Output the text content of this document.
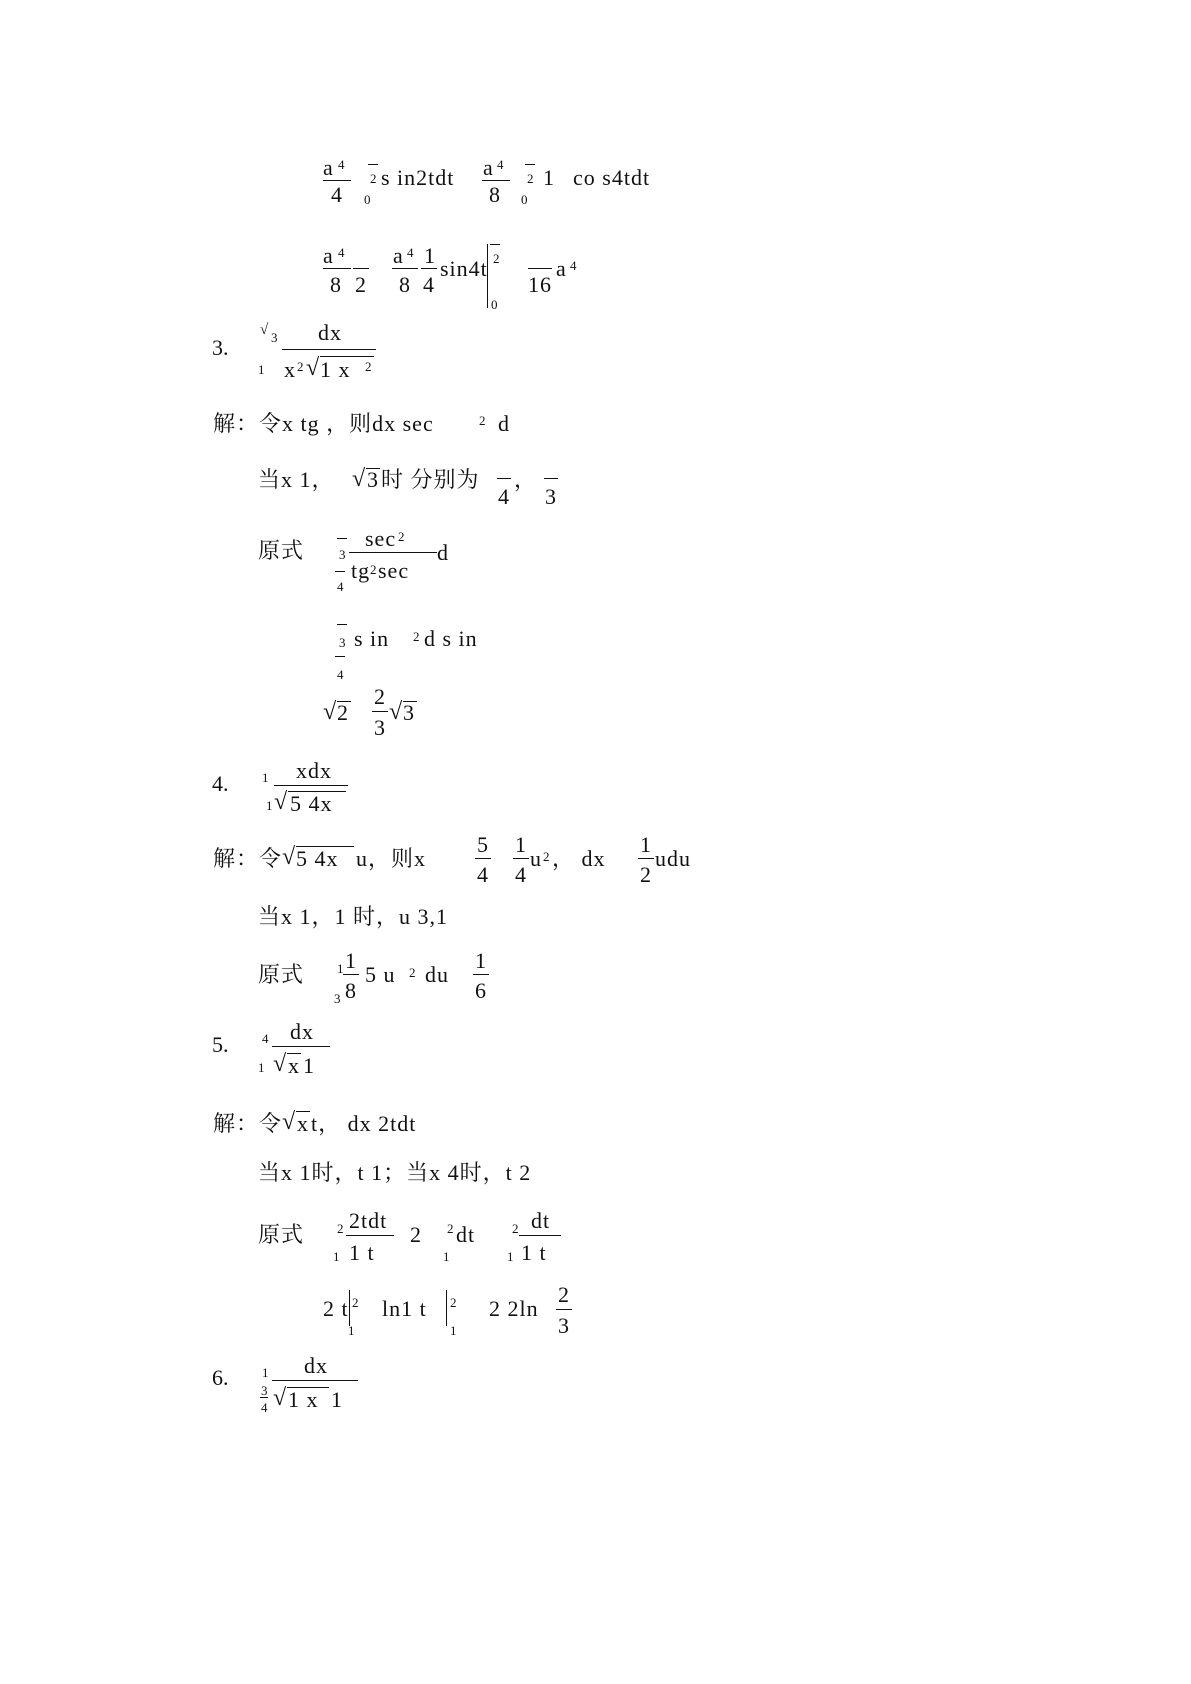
a 4
4
2
0
s in2tdt a 4
8
2
0
1 co s4tdt
a 4
8 2
a 4
8
1
4
sin4t 2
0
16
a 4
3.
√ 3
1
dx
x 2 √ 1 x 2
解：令x tg ，则dx sec	2 d
当x 1， √ 3 时 分别为
4
，
3
原式	3
4
sec 2
tg 2 sec
d
3
4
s in 2 d s in
√ 2
2
3
√ 3
4.	1
1
xdx
√ 5 4x
解：令 √ 5 4x u，则x
5
4
1
4
u 2 ， dx
1
2
udu
当x 1，1 时，u 3,1
原式	1
3
1
8
5 u 2 du
1
6
5.	4
1
dx
√ x 1
解：令 √ x t， dx 2tdt
当x 1时，t 1；当x 4时，t 2
原式	2
1
2tdt
1 t
2 2
1
dt	2
1
dt
1 t
2 t 2
1
ln1 t 2
1
2 2ln
2
3
6.	1
3
4
dx
√ 1 x 1
